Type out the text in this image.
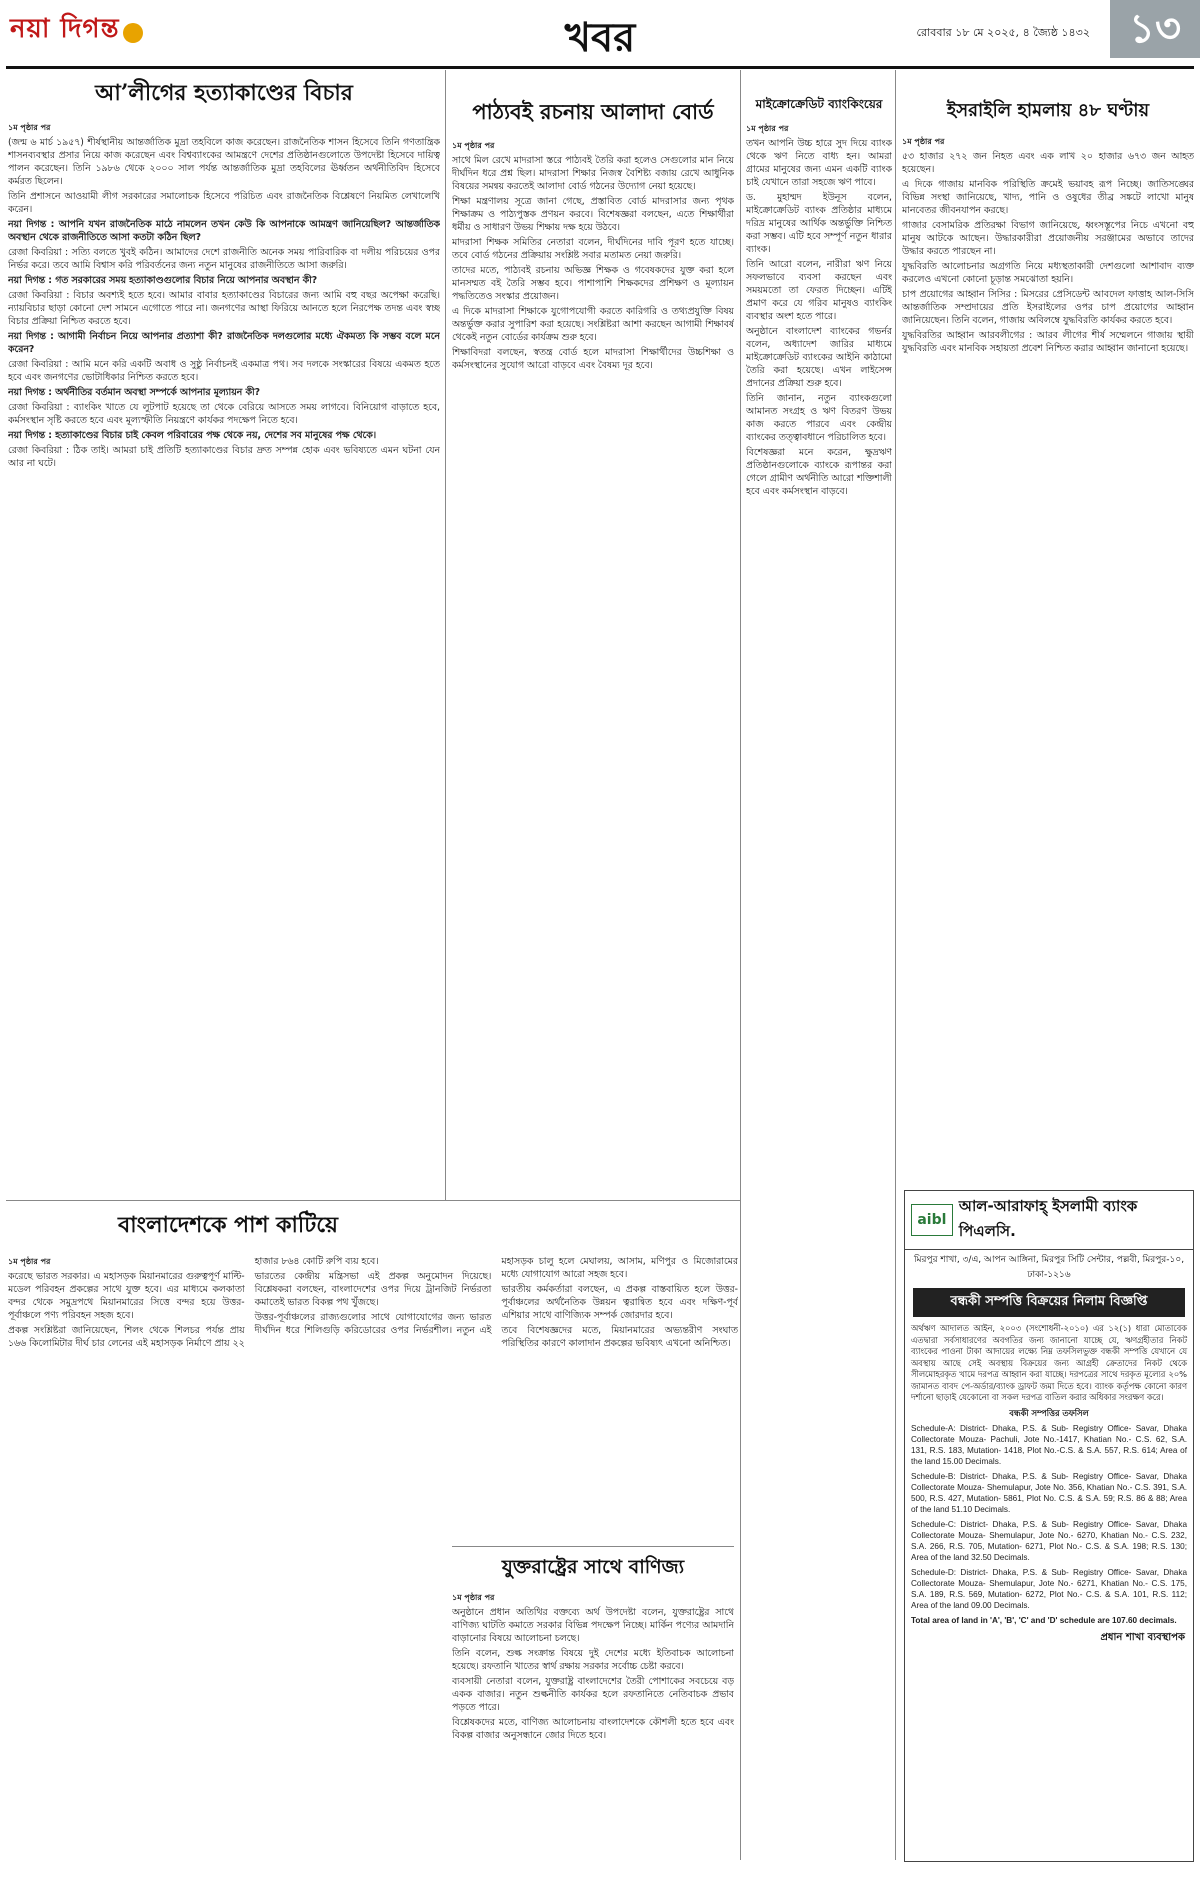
নয়া দিগন্ত	খবর	রোববার ১৮ মে ২০২৫, ৪ জ্যৈষ্ঠ ১৪৩২ ১৩
আ’লীগের হত্যাকাণ্ডের বিচার
১ম পৃষ্ঠার পর

(জন্ম ৬ মার্চ ১৯৫৭) শীর্ষস্থানীয় আন্তর্জাতিক মুদ্রা তহবিলে কাজ করেছেন। রাজনৈতিক শাসন হিসেবে তিনি গণতান্ত্রিক শাসনব্যবস্থার প্রসার নিয়ে কাজ করেছেন এবং বিশ্বব্যাংকের আমন্ত্রণে দেশের প্রতিষ্ঠানগুলোতে উপদেষ্টা হিসেবে দায়িত্ব পালন করেছেন। তিনি ১৯৮৬ থেকে ২০০০ সাল পর্যন্ত আন্তর্জাতিক মুদ্রা তহবিলের ঊর্ধ্বতন অর্থনীতিবিদ হিসেবে কর্মরত ছিলেন।

তিনি প্রশাসনে আওয়ামী লীগ সরকারের সমালোচক হিসেবে পরিচিত এবং রাজনৈতিক বিশ্লেষণে নিয়মিত লেখালেখি করেন।

নয়া দিগন্ত : আপনি যখন রাজনৈতিক মাঠে নামলেন তখন কেউ কি আপনাকে আমন্ত্রণ জানিয়েছিল? আন্তর্জাতিক অবস্থান থেকে রাজনীতিতে আসা কতটা কঠিন ছিল?

রেজা কিবরিয়া : সত্যি বলতে খুবই কঠিন। আমাদের দেশে রাজনীতি অনেক সময় পারিবারিক বা দলীয় পরিচয়ের ওপর নির্ভর করে। তবে আমি বিশ্বাস করি পরিবর্তনের জন্য নতুন মানুষের রাজনীতিতে আসা জরুরি।

নয়া দিগন্ত : গত সরকারের সময় হত্যাকাণ্ডগুলোর বিচার নিয়ে আপনার অবস্থান কী?

রেজা কিবরিয়া : বিচার অবশ্যই হতে হবে। আমার বাবার হত্যাকাণ্ডের বিচারের জন্য আমি বহু বছর অপেক্ষা করেছি। ন্যায়বিচার ছাড়া কোনো দেশ সামনে এগোতে পারে না। জনগণের আস্থা ফিরিয়ে আনতে হলে নিরপেক্ষ তদন্ত এবং স্বচ্ছ বিচার প্রক্রিয়া নিশ্চিত করতে হবে।

নয়া দিগন্ত : আগামী নির্বাচন নিয়ে আপনার প্রত্যাশা কী? রাজনৈতিক দলগুলোর মধ্যে ঐকমত্য কি সম্ভব বলে মনে করেন?

রেজা কিবরিয়া : আমি মনে করি একটি অবাধ ও সুষ্ঠু নির্বাচনই একমাত্র পথ। সব দলকে সংস্কারের বিষয়ে একমত হতে হবে এবং জনগণের ভোটাধিকার নিশ্চিত করতে হবে।

নয়া দিগন্ত : অর্থনীতির বর্তমান অবস্থা সম্পর্কে আপনার মূল্যায়ন কী?

রেজা কিবরিয়া : ব্যাংকিং খাতে যে লুটপাট হয়েছে তা থেকে বেরিয়ে আসতে সময় লাগবে। বিনিয়োগ বাড়াতে হবে, কর্মসংস্থান সৃষ্টি করতে হবে এবং মূল্যস্ফীতি নিয়ন্ত্রণে কার্যকর পদক্ষেপ নিতে হবে।

নয়া দিগন্ত : হত্যাকাণ্ডের বিচার চাই কেবল পরিবারের পক্ষ থেকে নয়, দেশের সব মানুষের পক্ষ থেকে।

রেজা কিবরিয়া : ঠিক তাই। আমরা চাই প্রতিটি হত্যাকাণ্ডের বিচার দ্রুত সম্পন্ন হোক এবং ভবিষ্যতে এমন ঘটনা যেন আর না ঘটে।

পাঠ্যবই রচনায় আলাদা বোর্ড
১ম পৃষ্ঠার পর

সাথে মিল রেখে মাদরাসা স্তরে পাঠ্যবই তৈরি করা হলেও সেগুলোর মান নিয়ে দীর্ঘদিন ধরে প্রশ্ন ছিল। মাদরাসা শিক্ষার নিজস্ব বৈশিষ্ট্য বজায় রেখে আধুনিক বিষয়ের সমন্বয় করতেই আলাদা বোর্ড গঠনের উদ্যোগ নেয়া হয়েছে।

শিক্ষা মন্ত্রণালয় সূত্রে জানা গেছে, প্রস্তাবিত বোর্ড মাদরাসার জন্য পৃথক শিক্ষাক্রম ও পাঠ্যপুস্তক প্রণয়ন করবে। বিশেষজ্ঞরা বলছেন, এতে শিক্ষার্থীরা ধর্মীয় ও সাধারণ উভয় শিক্ষায় দক্ষ হয়ে উঠবে।

মাদরাসা শিক্ষক সমিতির নেতারা বলেন, দীর্ঘদিনের দাবি পূরণ হতে যাচ্ছে। তবে বোর্ড গঠনের প্রক্রিয়ায় সংশ্লিষ্ট সবার মতামত নেয়া জরুরি।

তাদের মতে, পাঠ্যবই রচনায় অভিজ্ঞ শিক্ষক ও গবেষকদের যুক্ত করা হলে মানসম্মত বই তৈরি সম্ভব হবে। পাশাপাশি শিক্ষকদের প্রশিক্ষণ ও মূল্যায়ন পদ্ধতিতেও সংস্কার প্রয়োজন।

এ দিকে মাদরাসা শিক্ষাকে যুগোপযোগী করতে কারিগরি ও তথ্যপ্রযুক্তি বিষয় অন্তর্ভুক্ত করার সুপারিশ করা হয়েছে। সংশ্লিষ্টরা আশা করছেন আগামী শিক্ষাবর্ষ থেকেই নতুন বোর্ডের কার্যক্রম শুরু হবে।

শিক্ষাবিদরা বলছেন, স্বতন্ত্র বোর্ড হলে মাদরাসা শিক্ষার্থীদের উচ্চশিক্ষা ও কর্মসংস্থানের সুযোগ আরো বাড়বে এবং বৈষম্য দূর হবে।

মাইক্রোক্রেডিট ব্যাংকিংয়ের
১ম পৃষ্ঠার পর

তখন আপনি উচ্চ হারে সুদ দিয়ে ব্যাংক থেকে ঋণ নিতে বাধ্য হন। আমরা গ্রামের মানুষের জন্য এমন একটি ব্যাংক চাই যেখানে তারা সহজে ঋণ পাবে।

ড. মুহাম্মদ ইউনূস বলেন, মাইক্রোক্রেডিট ব্যাংক প্রতিষ্ঠার মাধ্যমে দরিদ্র মানুষের আর্থিক অন্তর্ভুক্তি নিশ্চিত করা সম্ভব। এটি হবে সম্পূর্ণ নতুন ধারার ব্যাংক।

তিনি আরো বলেন, নারীরা ঋণ নিয়ে সফলভাবে ব্যবসা করছেন এবং সময়মতো তা ফেরত দিচ্ছেন। এটিই প্রমাণ করে যে গরিব মানুষও ব্যাংকিং ব্যবস্থার অংশ হতে পারে।

অনুষ্ঠানে বাংলাদেশ ব্যাংকের গভর্নর বলেন, অধ্যাদেশ জারির মাধ্যমে মাইক্রোক্রেডিট ব্যাংকের আইনি কাঠামো তৈরি করা হয়েছে। এখন লাইসেন্স প্রদানের প্রক্রিয়া শুরু হবে।

তিনি জানান, নতুন ব্যাংকগুলো আমানত সংগ্রহ ও ঋণ বিতরণ উভয় কাজ করতে পারবে এবং কেন্দ্রীয় ব্যাংকের তত্ত্বাবধানে পরিচালিত হবে।

বিশেষজ্ঞরা মনে করেন, ক্ষুদ্রঋণ প্রতিষ্ঠানগুলোকে ব্যাংকে রূপান্তর করা গেলে গ্রামীণ অর্থনীতি আরো শক্তিশালী হবে এবং কর্মসংস্থান বাড়বে।

ইসরাইলি হামলায় ৪৮ ঘণ্টায়
১ম পৃষ্ঠার পর

৫৩ হাজার ২৭২ জন নিহত এবং এক লাখ ২০ হাজার ৬৭৩ জন আহত হয়েছেন।

এ দিকে গাজায় মানবিক পরিস্থিতি ক্রমেই ভয়াবহ রূপ নিচ্ছে। জাতিসঙ্ঘের বিভিন্ন সংস্থা জানিয়েছে, খাদ্য, পানি ও ওষুধের তীব্র সঙ্কটে লাখো মানুষ মানবেতর জীবনযাপন করছে।

গাজার বেসামরিক প্রতিরক্ষা বিভাগ জানিয়েছে, ধ্বংসস্তূপের নিচে এখনো বহু মানুষ আটকে আছেন। উদ্ধারকারীরা প্রয়োজনীয় সরঞ্জামের অভাবে তাদের উদ্ধার করতে পারছেন না।

যুদ্ধবিরতি আলোচনার অগ্রগতি নিয়ে মধ্যস্থতাকারী দেশগুলো আশাবাদ ব্যক্ত করলেও এখনো কোনো চূড়ান্ত সমঝোতা হয়নি।

চাপ প্রয়োগের আহ্বান সিসির : মিসরের প্রেসিডেন্ট আবদেল ফাত্তাহ আল-সিসি আন্তর্জাতিক সম্প্রদায়ের প্রতি ইসরাইলের ওপর চাপ প্রয়োগের আহ্বান জানিয়েছেন। তিনি বলেন, গাজায় অবিলম্বে যুদ্ধবিরতি কার্যকর করতে হবে।

যুদ্ধবিরতির আহ্বান আরবলীগের : আরব লীগের শীর্ষ সম্মেলনে গাজায় স্থায়ী যুদ্ধবিরতি এবং মানবিক সহায়তা প্রবেশ নিশ্চিত করার আহ্বান জানানো হয়েছে।

বাংলাদেশকে পাশ কাটিয়ে
১ম পৃষ্ঠার পর

করেছে ভারত সরকার। এ মহাসড়ক মিয়ানমারের গুরুত্বপূর্ণ মাল্টি-মডেল পরিবহন প্রকল্পের সাথে যুক্ত হবে। এর মাধ্যমে কলকাতা বন্দর থেকে সমুদ্রপথে মিয়ানমারের সিত্তে বন্দর হয়ে উত্তর-পূর্বাঞ্চলে পণ্য পরিবহন সহজ হবে।

প্রকল্প সংশ্লিষ্টরা জানিয়েছেন, শিলং থেকে শিলচর পর্যন্ত প্রায় ১৬৬ কিলোমিটার দীর্ঘ চার লেনের এই মহাসড়ক নির্মাণে প্রায় ২২ হাজার ৮৬৪ কোটি রুপি ব্যয় হবে।

ভারতের কেন্দ্রীয় মন্ত্রিসভা এই প্রকল্প অনুমোদন দিয়েছে। বিশ্লেষকরা বলছেন, বাংলাদেশের ওপর দিয়ে ট্রানজিট নির্ভরতা কমাতেই ভারত বিকল্প পথ খুঁজছে।

উত্তর-পূর্বাঞ্চলের রাজ্যগুলোর সাথে যোগাযোগের জন্য ভারত দীর্ঘদিন ধরে শিলিগুড়ি করিডোরের ওপর নির্ভরশীল। নতুন এই মহাসড়ক চালু হলে মেঘালয়, আসাম, মণিপুর ও মিজোরামের মধ্যে যোগাযোগ আরো সহজ হবে।

ভারতীয় কর্মকর্তারা বলছেন, এ প্রকল্প বাস্তবায়িত হলে উত্তর-পূর্বাঞ্চলের অর্থনৈতিক উন্নয়ন ত্বরান্বিত হবে এবং দক্ষিণ-পূর্ব এশিয়ার সাথে বাণিজ্যিক সম্পর্ক জোরদার হবে।

তবে বিশেষজ্ঞদের মতে, মিয়ানমারের অভ্যন্তরীণ সংঘাত পরিস্থিতির কারণে কালাদান প্রকল্পের ভবিষ্যৎ এখনো অনিশ্চিত।

যুক্তরাষ্ট্রের সাথে বাণিজ্য
১ম পৃষ্ঠার পর

অনুষ্ঠানে প্রধান অতিথির বক্তব্যে অর্থ উপদেষ্টা বলেন, যুক্তরাষ্ট্রের সাথে বাণিজ্য ঘাটতি কমাতে সরকার বিভিন্ন পদক্ষেপ নিচ্ছে। মার্কিন পণ্যের আমদানি বাড়ানোর বিষয়ে আলোচনা চলছে।

তিনি বলেন, শুল্ক সংক্রান্ত বিষয়ে দুই দেশের মধ্যে ইতিবাচক আলোচনা হয়েছে। রফতানি খাতের স্বার্থ রক্ষায় সরকার সর্বোচ্চ চেষ্টা করবে।

ব্যবসায়ী নেতারা বলেন, যুক্তরাষ্ট্র বাংলাদেশের তৈরী পোশাকের সবচেয়ে বড় একক বাজার। নতুন শুল্কনীতি কার্যকর হলে রফতানিতে নেতিবাচক প্রভাব পড়তে পারে।

বিশ্লেষকদের মতে, বাণিজ্য আলোচনায় বাংলাদেশকে কৌশলী হতে হবে এবং বিকল্প বাজার অনুসন্ধানে জোর দিতে হবে।

aibl
আল-আরাফাহ্ ইসলামী ব্যাংক পিএলসি.
মিরপুর শাখা, ৩/এ, আপন আঙ্গিনা, মিরপুর সিটি সেন্টার, পল্লবী, মিরপুর-১০, ঢাকা-১২১৬
বন্ধকী সম্পত্তি বিক্রয়ের নিলাম বিজ্ঞপ্তি
অর্থঋণ আদালত আইন, ২০০৩ (সংশোধনী-২০১০) এর ১২(১) ধারা মোতাবেক এতদ্বারা সর্বসাধারণের অবগতির জন্য জানানো যাচ্ছে যে, ঋণগ্রহীতার নিকট ব্যাংকের পাওনা টাকা আদায়ের লক্ষ্যে নিম্ন তফসিলভুক্ত বন্ধকী সম্পত্তি যেখানে যে অবস্থায় আছে সেই অবস্থায় বিক্রয়ের জন্য আগ্রহী ক্রেতাদের নিকট থেকে সীলমোহরকৃত খামে দরপত্র আহ্বান করা যাচ্ছে। দরপত্রের সাথে দরকৃত মূল্যের ২০% জামানত বাবদ পে-অর্ডার/ব্যাংক ড্রাফট জমা দিতে হবে। ব্যাংক কর্তৃপক্ষ কোনো কারণ দর্শানো ছাড়াই যেকোনো বা সকল দরপত্র বাতিল করার অধিকার সংরক্ষণ করে।
বন্ধকী সম্পত্তির তফসিল
Schedule-A: District- Dhaka, P.S. & Sub- Registry Office- Savar, Dhaka Collectorate Mouza- Pachuli, Jote No.-1417, Khatian No.- C.S. 62, S.A. 131, R.S. 183, Mutation- 1418, Plot No.-C.S. & S.A. 557, R.S. 614; Area of the land 15.00 Decimals.
Schedule-B: District- Dhaka, P.S. & Sub- Registry Office- Savar, Dhaka Collectorate Mouza- Shemulapur, Jote No. 356, Khatian No.- C.S. 391, S.A. 500, R.S. 427, Mutation- 5861, Plot No. C.S. & S.A. 59; R.S. 86 & 88; Area of the land 51.10 Decimals.
Schedule-C: District- Dhaka, P.S. & Sub- Registry Office- Savar, Dhaka Collectorate Mouza- Shemulapur, Jote No.- 6270, Khatian No.- C.S. 232, S.A. 266, R.S. 705, Mutation- 6271, Plot No.- C.S. & S.A. 198; R.S. 130; Area of the land 32.50 Decimals.
Schedule-D: District- Dhaka, P.S. & Sub- Registry Office- Savar, Dhaka Collectorate Mouza- Shemulapur, Jote No.- 6271, Khatian No.- C.S. 175, S.A. 189, R.S. 569, Mutation- 6272, Plot No.- C.S. & S.A. 101, R.S. 112; Area of the land 09.00 Decimals.
Total area of land in 'A', 'B', 'C' and 'D' schedule are 107.60 decimals.
প্রধান শাখা ব্যবস্থাপক
